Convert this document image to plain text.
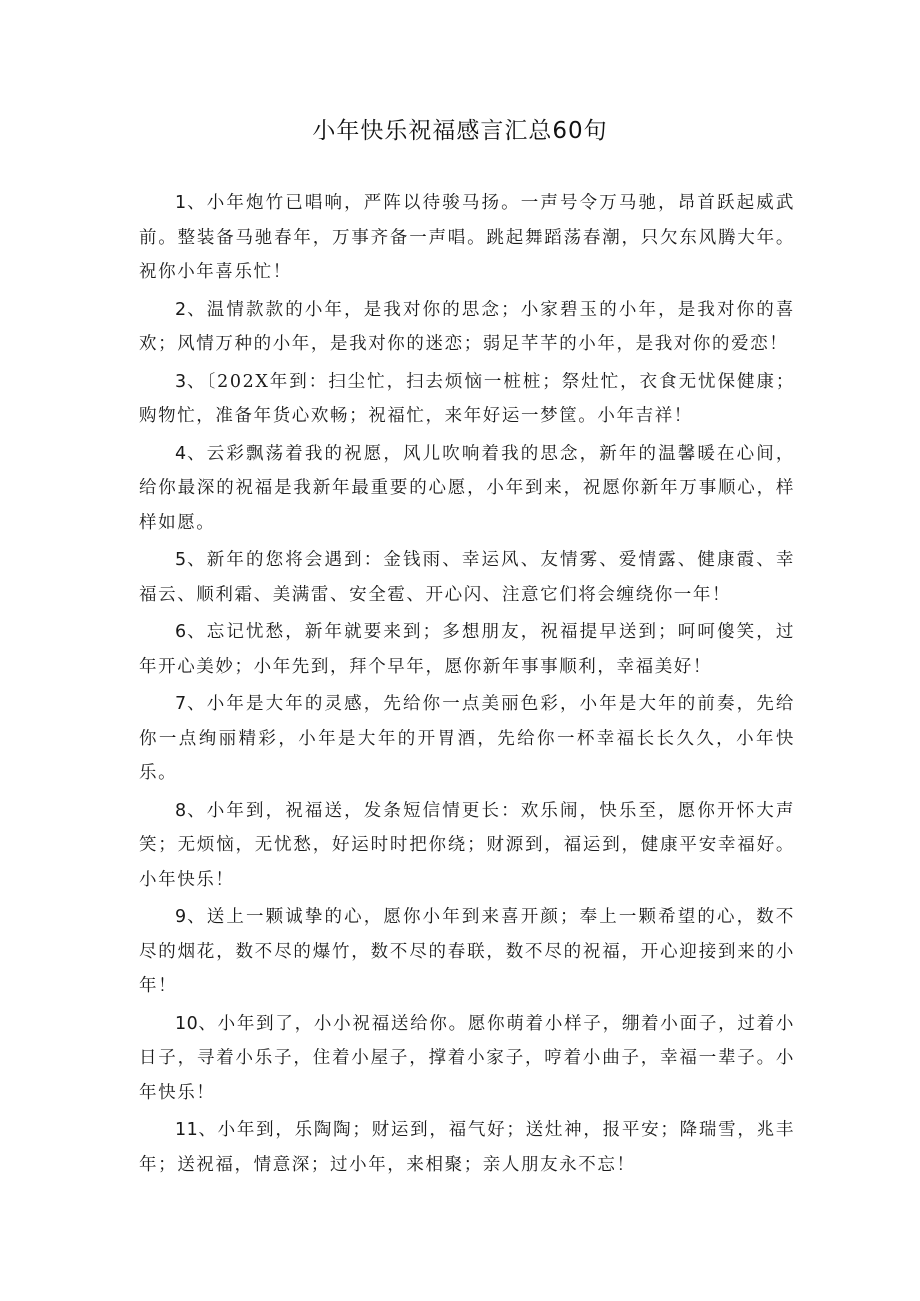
小年快乐祝福感言汇总60句

1、小年炮竹已唱响，严阵以待骏马扬。一声号令万马驰，昂首跃起威武前。整装备马驰春年，万事齐备一声唱。跳起舞蹈荡春潮，只欠东风腾大年。祝你小年喜乐忙！

2、温情款款的小年，是我对你的思念；小家碧玉的小年，是我对你的喜欢；风情万种的小年，是我对你的迷恋；弱足芊芊的小年，是我对你的爱恋！

3、〔202X年到：扫尘忙，扫去烦恼一桩桩；祭灶忙，衣食无忧保健康；购物忙，准备年货心欢畅；祝福忙，来年好运一梦筐。小年吉祥！

4、云彩飘荡着我的祝愿，风儿吹响着我的思念，新年的温馨暖在心间，给你最深的祝福是我新年最重要的心愿，小年到来，祝愿你新年万事顺心，样样如愿。

5、新年的您将会遇到：金钱雨、幸运风、友情雾、爱情露、健康霞、幸福云、顺利霜、美满雷、安全雹、开心闪、注意它们将会缠绕你一年！

6、忘记忧愁，新年就要来到；多想朋友，祝福提早送到；呵呵傻笑，过年开心美妙；小年先到，拜个早年，愿你新年事事顺利，幸福美好！

7、小年是大年的灵感，先给你一点美丽色彩，小年是大年的前奏，先给你一点绚丽精彩，小年是大年的开胃酒，先给你一杯幸福长长久久，小年快乐。

8、小年到，祝福送，发条短信情更长：欢乐闹，快乐至，愿你开怀大声笑；无烦恼，无忧愁，好运时时把你绕；财源到，福运到，健康平安幸福好。小年快乐！

9、送上一颗诚挚的心，愿你小年到来喜开颜；奉上一颗希望的心，数不尽的烟花，数不尽的爆竹，数不尽的春联，数不尽的祝福，开心迎接到来的小年！

10、小年到了，小小祝福送给你。愿你萌着小样子，绷着小面子，过着小日子，寻着小乐子，住着小屋子，撑着小家子，哼着小曲子，幸福一辈子。小年快乐！

11、小年到，乐陶陶；财运到，福气好；送灶神，报平安；降瑞雪，兆丰年；送祝福，情意深；过小年，来相聚；亲人朋友永不忘！
